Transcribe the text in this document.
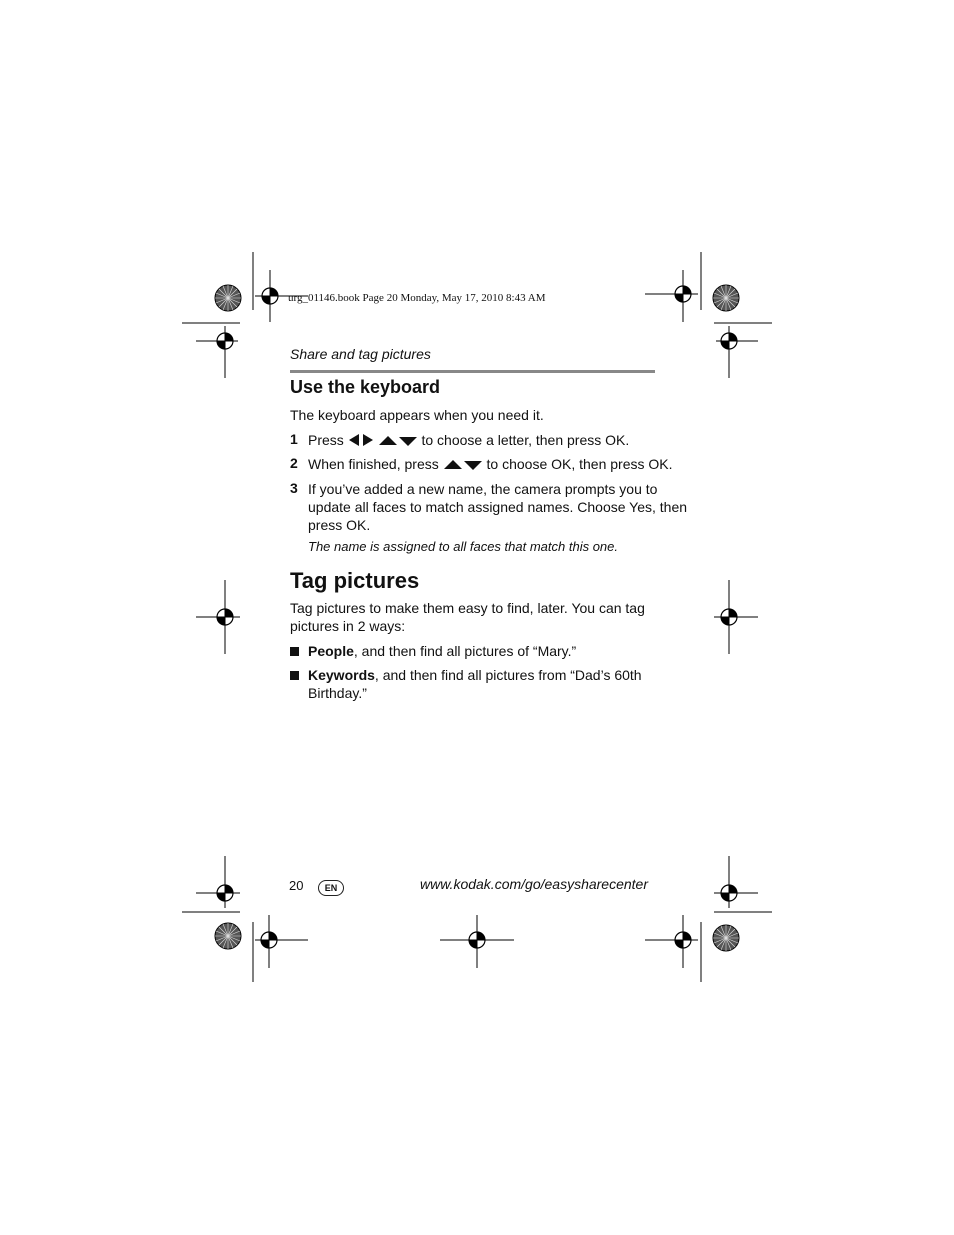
urg_01146.book Page 20 Monday, May 17, 2010 8:43 AM
Share and tag pictures
Use the keyboard
The keyboard appears when you need it.
1 Press	to choose a letter, then press OK.
2 When finished, press	to choose OK, then press OK.
3 If you’ve added a new name, the camera prompts you to
update all faces to match assigned names. Choose Yes, then
press OK.
The name is assigned to all faces that match this one.
Tag pictures
Tag pictures to make them easy to find, later. You can tag
pictures in 2 ways:
People, and then find all pictures of “Mary.”
Keywords, and then find all pictures from “Dad’s 60th
Birthday.”
20	EN	www.kodak.com/go/easysharecenter
